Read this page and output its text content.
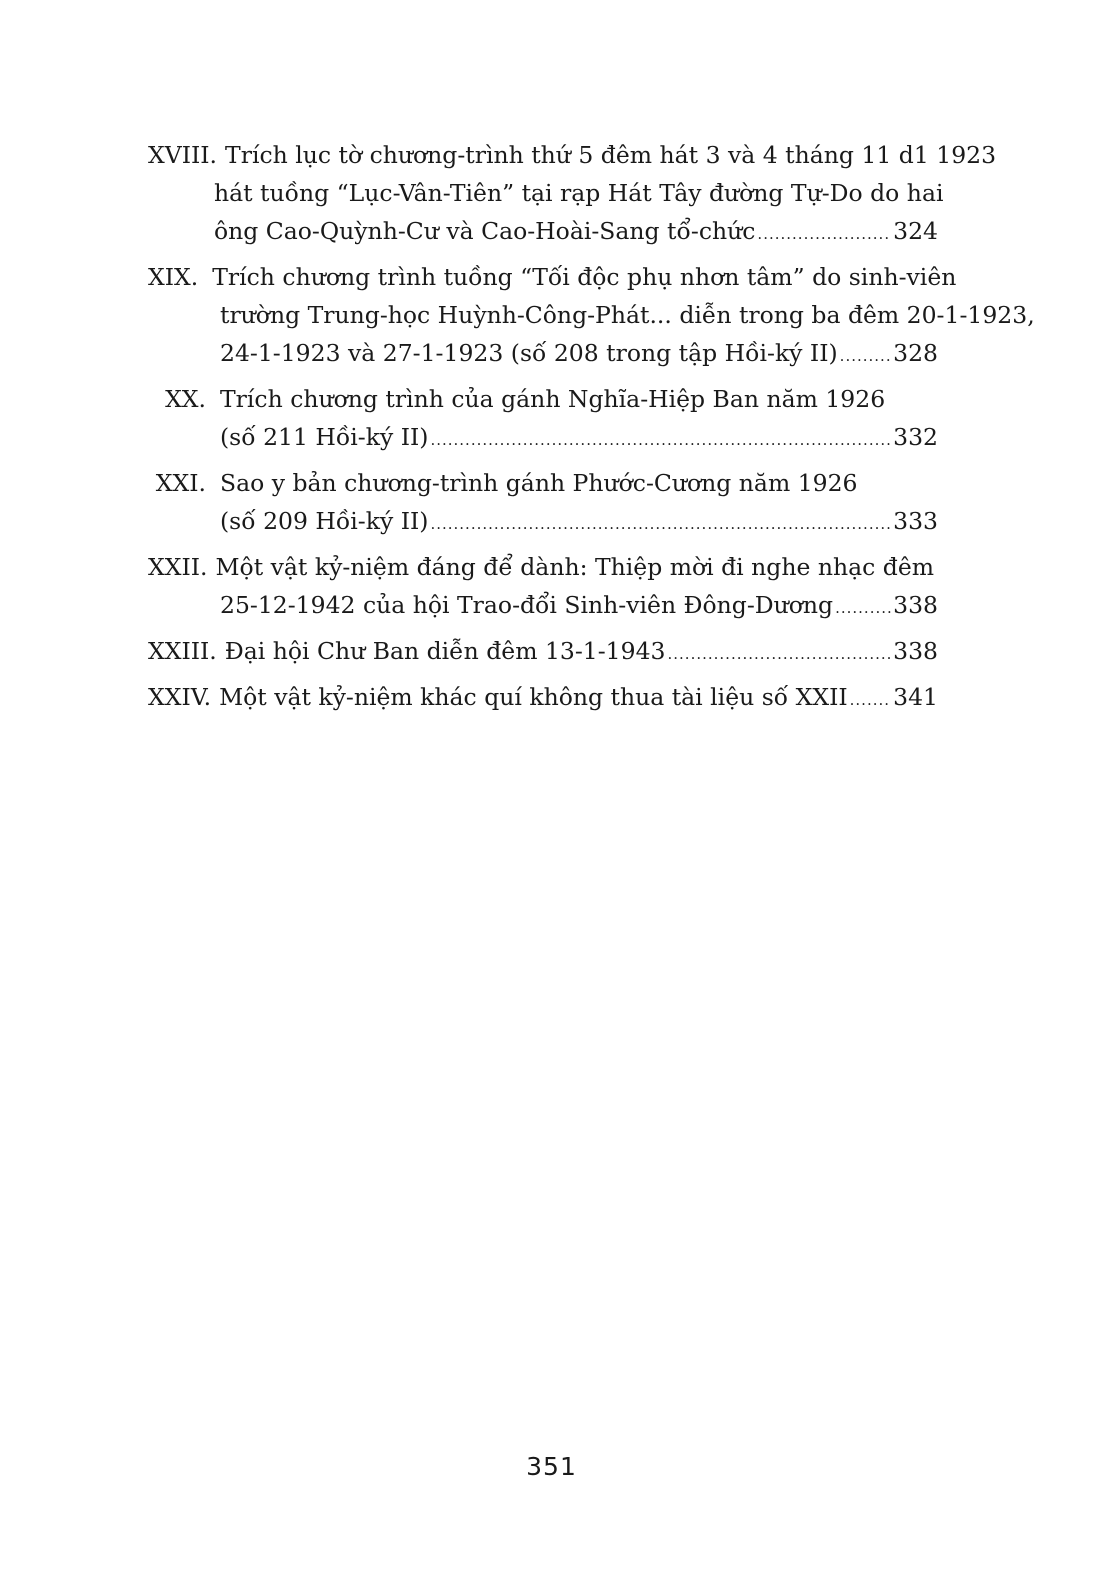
XVIII. Trích lục tờ chương-trình thứ 5 đêm hát 3 và 4 tháng 11 d1 1923
hát tuồng “Lục-Vân-Tiên” tại rạp Hát Tây đường Tự-Do do hai
ông Cao-Quỳnh-Cư và Cao-Hoài-Sang tổ-chức .....	324
XIX. Trích chương trình tuồng “Tối độc phụ nhơn tâm” do sinh-viên
trường Trung-học Huỳnh-Công-Phát... diễn trong ba đêm 20-1-1923,
24-1-1923 và 27-1-1923 (số 208 trong tập Hồi-ký II) ..... 328
XX. Trích chương trình của gánh Nghĩa-Hiệp Ban năm 1926
(số 211 Hồi-ký II) .....	332
XXI. Sao y bản chương-trình gánh Phước-Cương năm 1926
(số 209 Hồi-ký II) .....	333
XXII. Một vật kỷ-niệm đáng để dành: Thiệp mời đi nghe nhạc đêm
25-12-1942 của hội Trao-đổi Sinh-viên Đông-Dương .....	338
XXIII. Đại hội Chư Ban diễn đêm 13-1-1943 .....	338
XXIV. Một vật kỷ-niệm khác quí không thua tài liệu số XXII ..... 341
351
